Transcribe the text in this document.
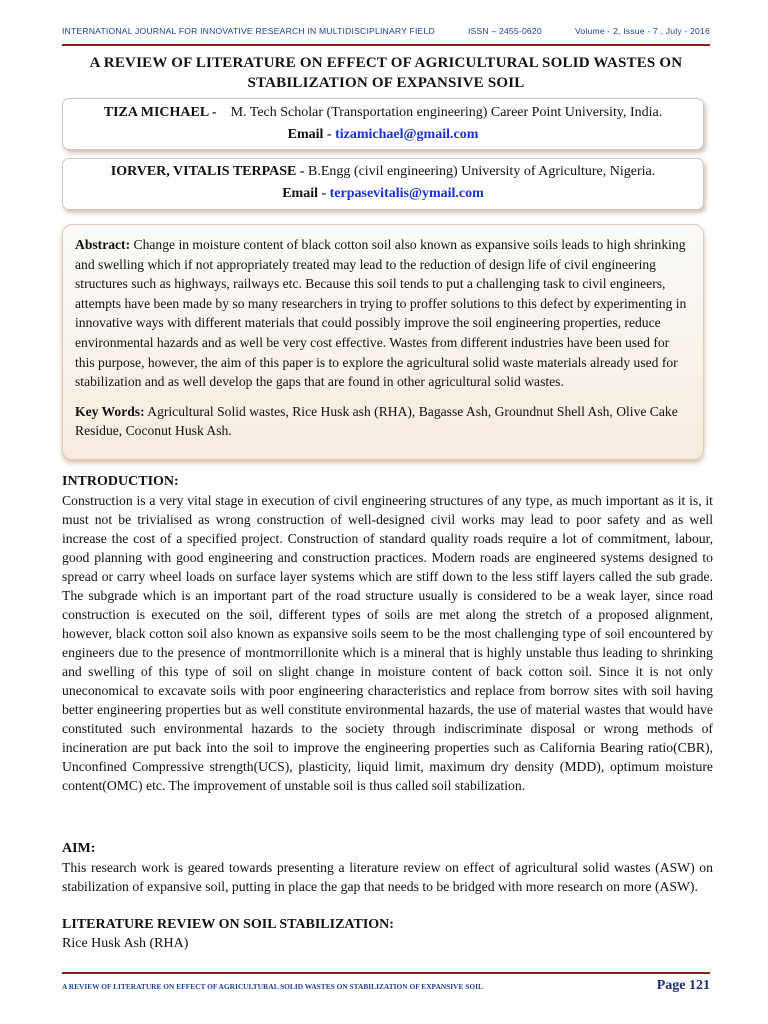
INTERNATIONAL JOURNAL FOR INNOVATIVE RESEARCH IN MULTIDISCIPLINARY FIELD	ISSN – 2455-0620	Volume - 2, Issue - 7 , July - 2016
A REVIEW OF LITERATURE ON EFFECT OF AGRICULTURAL SOLID WASTES ON STABILIZATION OF EXPANSIVE SOIL
TIZA MICHAEL - M. Tech Scholar (Transportation engineering) Career Point University, India.
Email - tizamichael@gmail.com
IORVER, VITALIS TERPASE - B.Engg (civil engineering) University of Agriculture, Nigeria.
Email - terpasevitalis@ymail.com

Abstract: Change in moisture content of black cotton soil also known as expansive soils leads to high shrinking and swelling which if not appropriately treated may lead to the reduction of design life of civil engineering structures such as highways, railways etc. Because this soil tends to put a challenging task to civil engineers, attempts have been made by so many researchers in trying to proffer solutions to this defect by experimenting in innovative ways with different materials that could possibly improve the soil engineering properties, reduce environmental hazards and as well be very cost effective. Wastes from different industries have been used for this purpose, however, the aim of this paper is to explore the agricultural solid waste materials already used for stabilization and as well develop the gaps that are found in other agricultural solid wastes.

Key Words: Agricultural Solid wastes, Rice Husk ash (RHA), Bagasse Ash, Groundnut Shell Ash, Olive Cake Residue, Coconut Husk Ash.

INTRODUCTION:

Construction is a very vital stage in execution of civil engineering structures of any type, as much important as it is, it must not be trivialised as wrong construction of well-designed civil works may lead to poor safety and as well increase the cost of a specified project. Construction of standard quality roads require a lot of commitment, labour, good planning with good engineering and construction practices. Modern roads are engineered systems designed to spread or carry wheel loads on surface layer systems which are stiff down to the less stiff layers called the sub grade. The subgrade which is an important part of the road structure usually is considered to be a weak layer, since road construction is executed on the soil, different types of soils are met along the stretch of a proposed alignment, however, black cotton soil also known as expansive soils seem to be the most challenging type of soil encountered by engineers due to the presence of montmorrillonite which is a mineral that is highly unstable thus leading to shrinking and swelling of this type of soil on slight change in moisture content of back cotton soil. Since it is not only uneconomical to excavate soils with poor engineering characteristics and replace from borrow sites with soil having better engineering properties but as well constitute environmental hazards, the use of material wastes that would have constituted such environmental hazards to the society through indiscriminate disposal or wrong methods of incineration are put back into the soil to improve the engineering properties such as California Bearing ratio(CBR), Unconfined Compressive strength(UCS), plasticity, liquid limit, maximum dry density (MDD), optimum moisture content(OMC) etc. The improvement of unstable soil is thus called soil stabilization.

AIM:

This research work is geared towards presenting a literature review on effect of agricultural solid wastes (ASW) on stabilization of expansive soil, putting in place the gap that needs to be bridged with more research on more (ASW).

LITERATURE REVIEW ON SOIL STABILIZATION:
Rice Husk Ash (RHA)
A REVIEW OF LITERATURE ON EFFECT OF AGRICULTURAL SOLID WASTES ON STABILIZATION OF EXPANSIVE SOIL	Page 121
